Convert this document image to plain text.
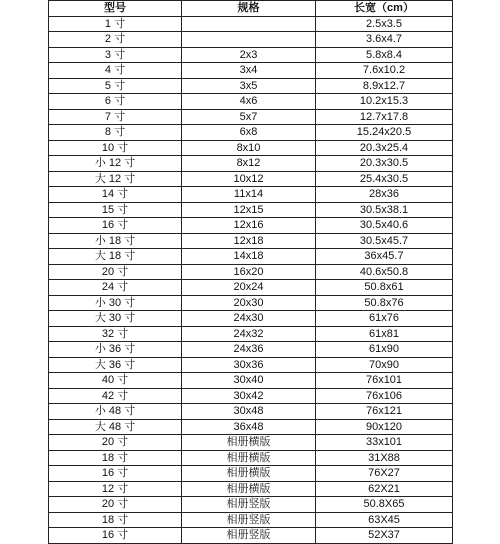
型号	规格	长宽（cm）
1 寸		2.5x3.5
2 寸		3.6x4.7
3 寸	2x3	5.8x8.4
4 寸	3x4	7.6x10.2
5 寸	3x5	8.9x12.7
6 寸	4x6	10.2x15.3
7 寸	5x7	12.7x17.8
8 寸	6x8	15.24x20.5
10 寸	8x10	20.3x25.4
小 12 寸	8x12	20.3x30.5
大 12 寸	10x12	25.4x30.5
14 寸	11x14	28x36
15 寸	12x15	30.5x38.1
16 寸	12x16	30.5x40.6
小 18 寸	12x18	30.5x45.7
大 18 寸	14x18	36x45.7
20 寸	16x20	40.6x50.8
24 寸	20x24	50.8x61
小 30 寸	20x30	50.8x76
大 30 寸	24x30	61x76
32 寸	24x32	61x81
小 36 寸	24x36	61x90
大 36 寸	30x36	70x90
40 寸	30x40	76x101
42 寸	30x42	76x106
小 48 寸	30x48	76x121
大 48 寸	36x48	90x120
20 寸	相册横版	33x101
18 寸	相册横版	31X88
16 寸	相册横版	76X27
12 寸	相册横版	62X21
20 寸	相册竖版	50.8X65
18 寸	相册竖版	63X45
16 寸	相册竖版	52X37
